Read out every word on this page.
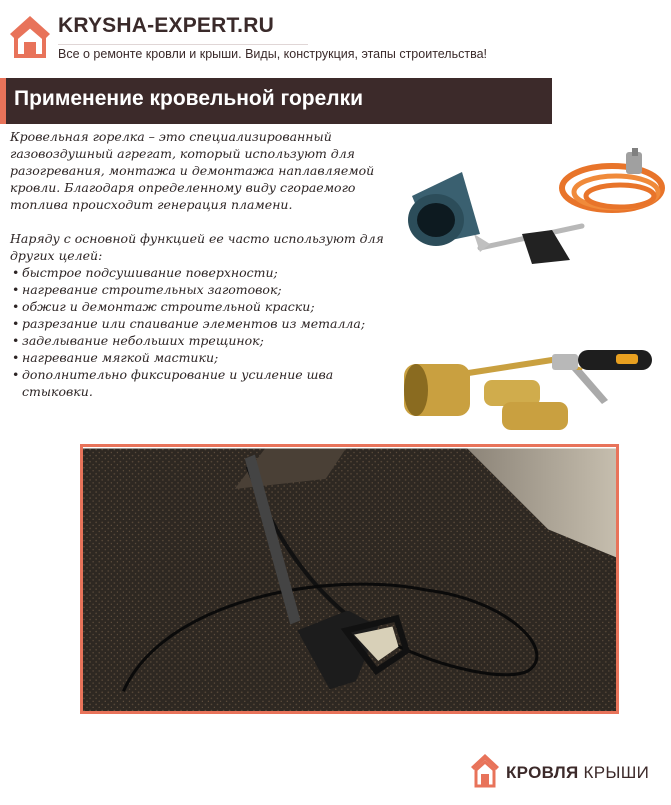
KRYSHA-EXPERT.RU
Все о ремонте кровли и крыши. Виды, конструкция, этапы строительства!
Применение кровельной горелки

Кровельная горелка – это специализированный газовоздушный агрегат, который используют для разогревания, монтажа и демонтажа наплавляемой кровли. Благодаря определенному виду сгораемого топлива происходит генерация пламени.

Наряду с основной функцией ее часто используют для других целей:

• быстрое подсушивание поверхности;
• нагревание строительных заготовок;
• обжиг и демонтаж строительной краски;
• разрезание или спаивание элементов из металла;
• заделывание небольших трещинок;
• нагревание мягкой мастики;
• дополнительно фиксирование и усиление шва стыковки.
КРОВЛЯ КРЫШИ
